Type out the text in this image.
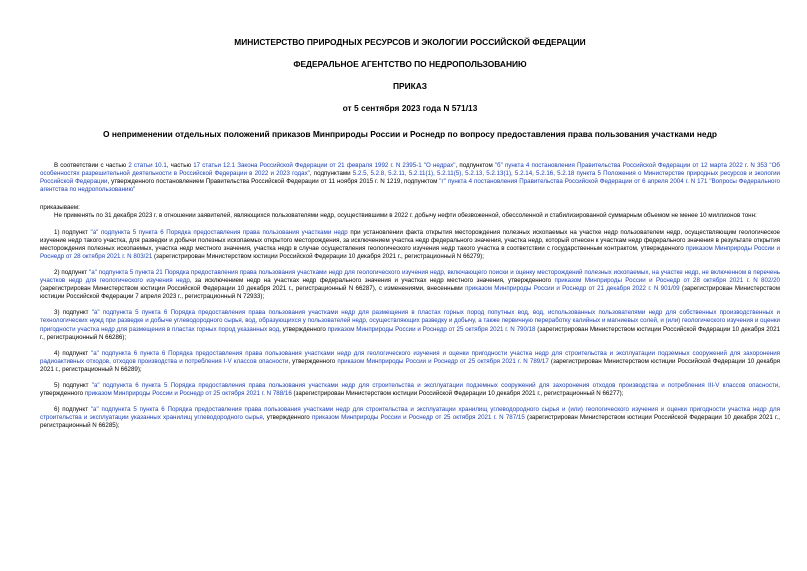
МИНИСТЕРСТВО ПРИРОДНЫХ РЕСУРСОВ И ЭКОЛОГИИ РОССИЙСКОЙ ФЕДЕРАЦИИ
ФЕДЕРАЛЬНОЕ АГЕНТСТВО ПО НЕДРОПОЛЬЗОВАНИЮ
ПРИКАЗ
от 5 сентября 2023 года N 571/13
О неприменении отдельных положений приказов Минприроды России и Роснедр по вопросу предоставления права пользования участками недр

В соответствии с частью 2 статьи 10.1, частью 17 статьи 12.1 Закона Российской Федерации от 21 февраля 1992 г. N 2395-1 "О недрах", подпунктом "б" пункта 4 постановления Правительства Российской Федерации от 12 марта 2022 г. N 353 "Об особенностях разрешительной деятельности в Российской Федерации в 2022 и 2023 годах", подпунктами 5.2.5, 5.2.8, 5.2.11, 5.2.11(1), 5.2.11(5), 5.2.13, 5.2.13(1), 5.2.14, 5.2.16, 5.2.18 пункта 5 Положения о Министерстве природных ресурсов и экологии Российской Федерации, утвержденного постановлением Правительства Российской Федерации от 11 ноября 2015 г. N 1219, подпунктом "г" пункта 4 постановления Правительства Российской Федерации от 6 апреля 2004 г. N 171 "Вопросы Федерального агентства по недропользованию"

приказываем:

Не применять по 31 декабря 2023 г. в отношении заявителей, являющихся пользователями недр, осуществившими в 2022 г. добычу нефти обезвоженной, обессоленной и стабилизированной суммарным объемом не менее 10 миллионов тонн:

1) подпункт "а" подпункта 5 пункта 6 Порядка предоставления права пользования участками недр при установлении факта открытия месторождения полезных ископаемых на участке недр пользователем недр, осуществляющим геологическое изучение недр такого участка, для разведки и добычи полезных ископаемых открытого месторождения, за исключением участка недр федерального значения, участка недр, который отнесен к участкам недр федерального значения в результате открытия месторождения полезных ископаемых, участка недр местного значения, участка недр в случае осуществления геологического изучения недр такого участка в соответствии с государственным контрактом, утвержденного приказом Минприроды России и Роснедр от 28 октября 2021 г. N 803/21 (зарегистрирован Министерством юстиции Российской Федерации 10 декабря 2021 г., регистрационный N 66279);

2) подпункт "а" подпункта 5 пункта 21 Порядка предоставления права пользования участками недр для геологического изучения недр, включающего поиски и оценку месторождений полезных ископаемых, на участке недр, не включенном в перечень участков недр для геологического изучения недр, за исключением недр на участках недр федерального значения и участках недр местного значения, утвержденного приказом Минприроды России и Роснедр от 28 октября 2021 г. N 802/20 (зарегистрирован Министерством юстиции Российской Федерации 10 декабря 2021 г., регистрационный N 66287), с изменениями, внесенными приказом Минприроды России и Роснедр от 21 декабря 2022 г. N 901/09 (зарегистрирован Министерством юстиции Российской Федерации 7 апреля 2023 г., регистрационный N 72933);

3) подпункт "а" подпункта 5 пункта 6 Порядка предоставления права пользования участками недр для размещения в пластах горных пород попутных вод, вод, использованных пользователями недр для собственных производственных и технологических нужд при разведке и добыче углеводородного сырья, вод, образующихся у пользователей недр, осуществляющих разведку и добычу, а также первичную переработку калийных и магниевых солей, и (или) геологического изучения и оценки пригодности участка недр для размещения в пластах горных пород указанных вод, утвержденного приказом Минприроды России и Роснедр от 25 октября 2021 г. N 790/18 (зарегистрирован Министерством юстиции Российской Федерации 10 декабря 2021 г., регистрационный N 66286);

4) подпункт "а" подпункта 6 пункта 6 Порядка предоставления права пользования участками недр для геологического изучения и оценки пригодности участка недр для строительства и эксплуатации подземных сооружений для захоронения радиоактивных отходов, отходов производства и потребления I-V классов опасности, утвержденного приказом Минприроды России и Роснедр от 25 октября 2021 г. N 789/17 (зарегистрирован Министерством юстиции Российской Федерации 10 декабря 2021 г., регистрационный N 66289);

5) подпункт "а" подпункта 6 пункта 5 Порядка предоставления права пользования участками недр для строительства и эксплуатации подземных сооружений для захоронения отходов производства и потребления III-V классов опасности, утвержденного приказом Минприроды России и Роснедр от 25 октября 2021 г. N 788/16 (зарегистрирован Министерством юстиции Российской Федерации 10 декабря 2021 г., регистрационный N 66277);

6) подпункт "а" подпункта 5 пункта 6 Порядка предоставления права пользования участками недр для строительства и эксплуатации хранилищ углеводородного сырья и (или) геологического изучения и оценки пригодности участка недр для строительства и эксплуатации указанных хранилищ углеводородного сырья, утвержденного приказом Минприроды России и Роснедр от 25 октября 2021 г. N 787/15 (зарегистрирован Министерством юстиции Российской Федерации 10 декабря 2021 г., регистрационный N 66285);
